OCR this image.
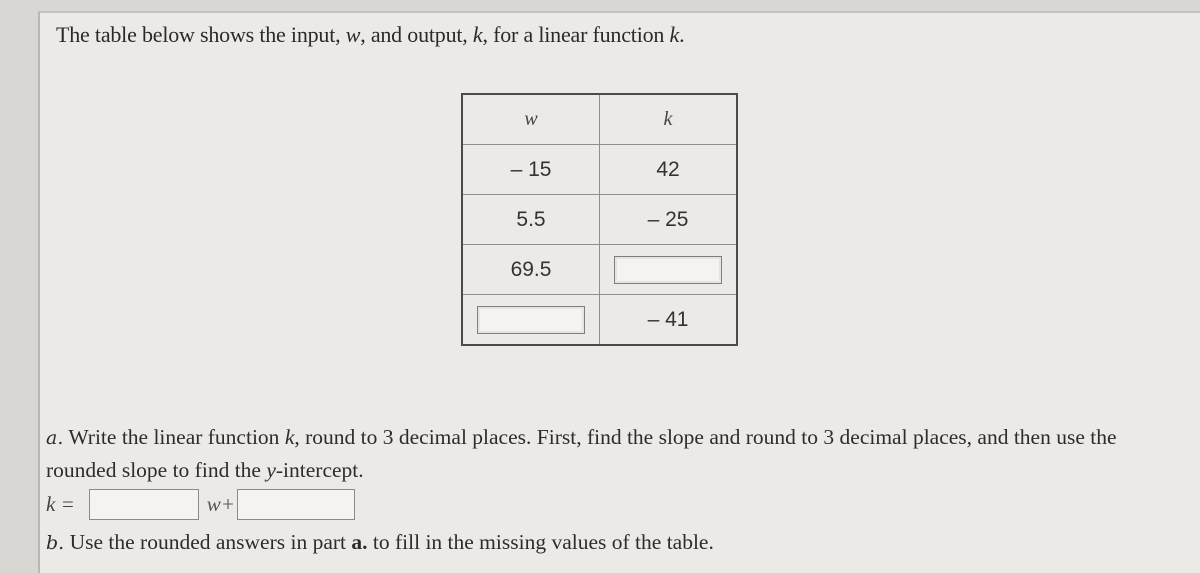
The table below shows the input, w, and output, k, for a linear function k.
w	k
– 15	42
5.5	– 25
69.5	

	– 41
a. Write the linear function k, round to 3 decimal places. First, find the slope and round to 3 decimal places, and then use the rounded slope to find the y-intercept.
k =	w+
b. Use the rounded answers in part a. to fill in the missing values of the table.
